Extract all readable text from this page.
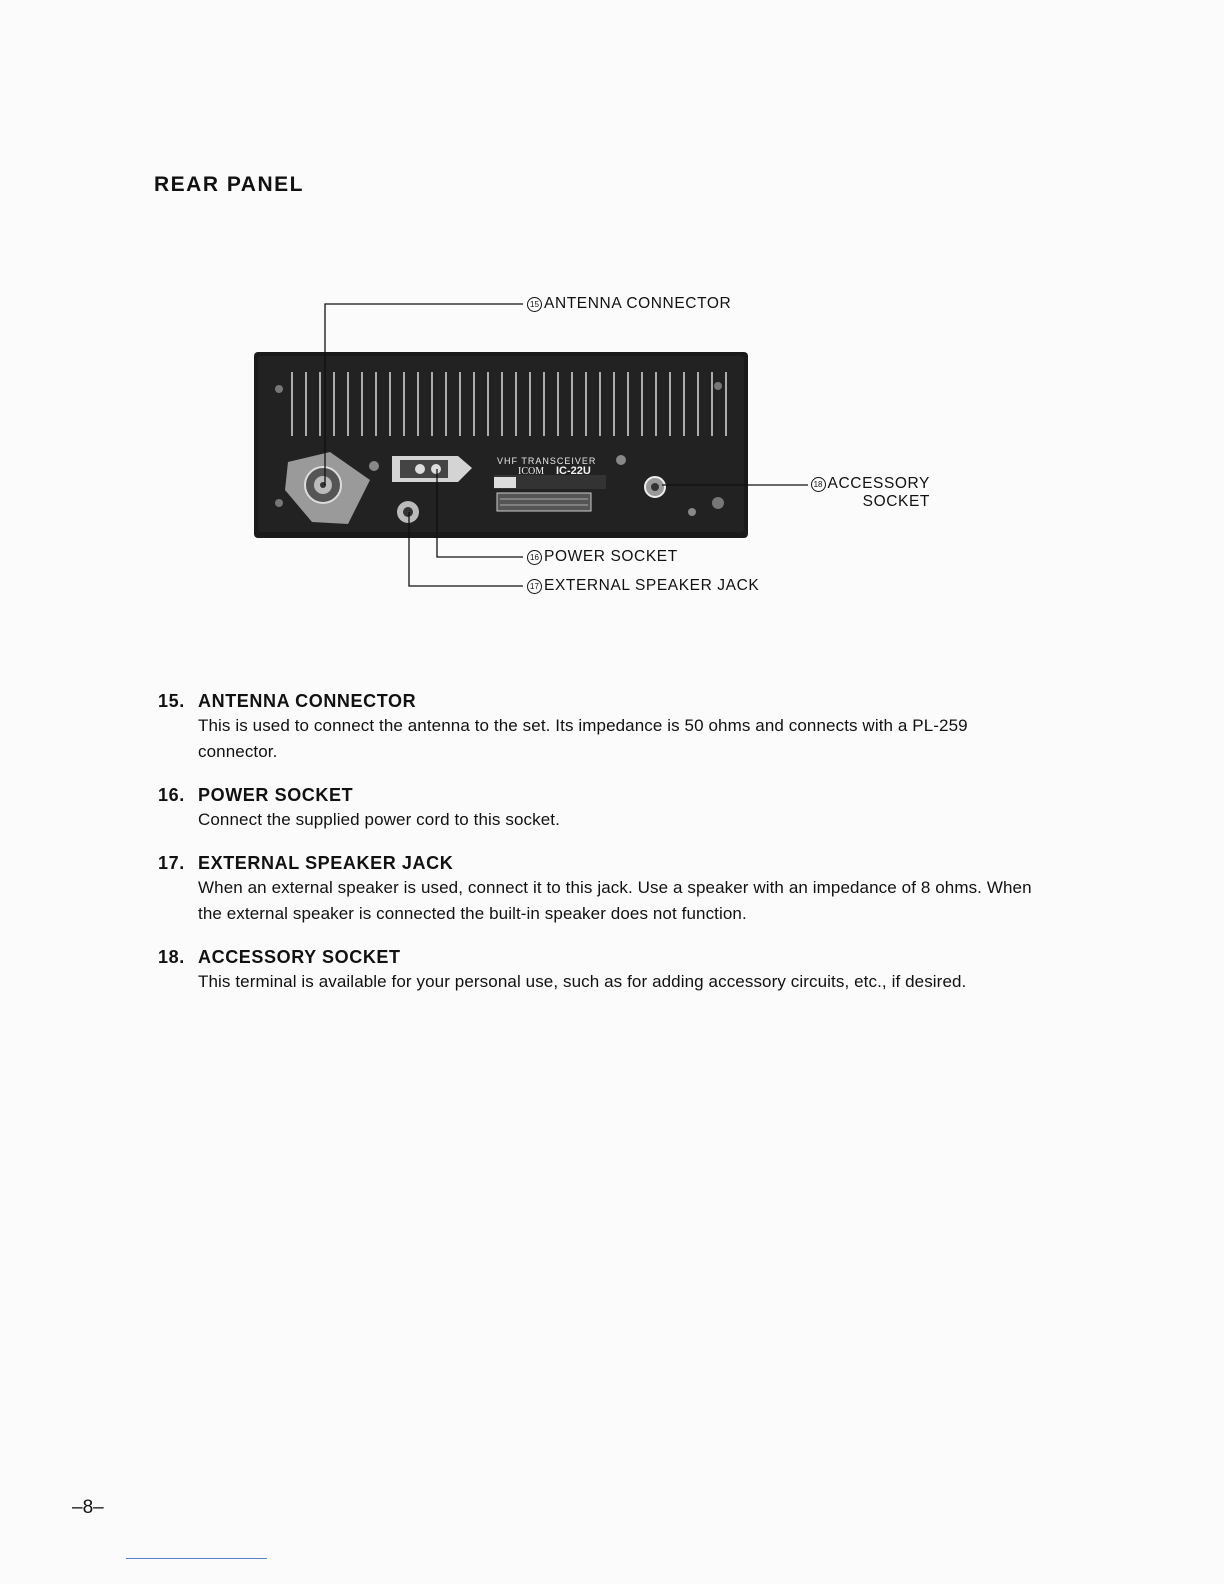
REAR PANEL
VHF TRANSCEIVER
ICOM IC-22U
15 ANTENNA CONNECTOR
16 POWER SOCKET
17 EXTERNAL SPEAKER JACK
18 ACCESSORY
SOCKET
15. ANTENNA CONNECTOR
This is used to connect the antenna to the set. Its impedance is 50 ohms and connects with a PL-259 connector.
16. POWER SOCKET
Connect the supplied power cord to this socket.
17. EXTERNAL SPEAKER JACK
When an external speaker is used, connect it to this jack. Use a speaker with an impedance of 8 ohms. When the external speaker is connected the built-in speaker does not function.
18. ACCESSORY SOCKET
This terminal is available for your personal use, such as for adding accessory circuits, etc., if desired.
–8–
